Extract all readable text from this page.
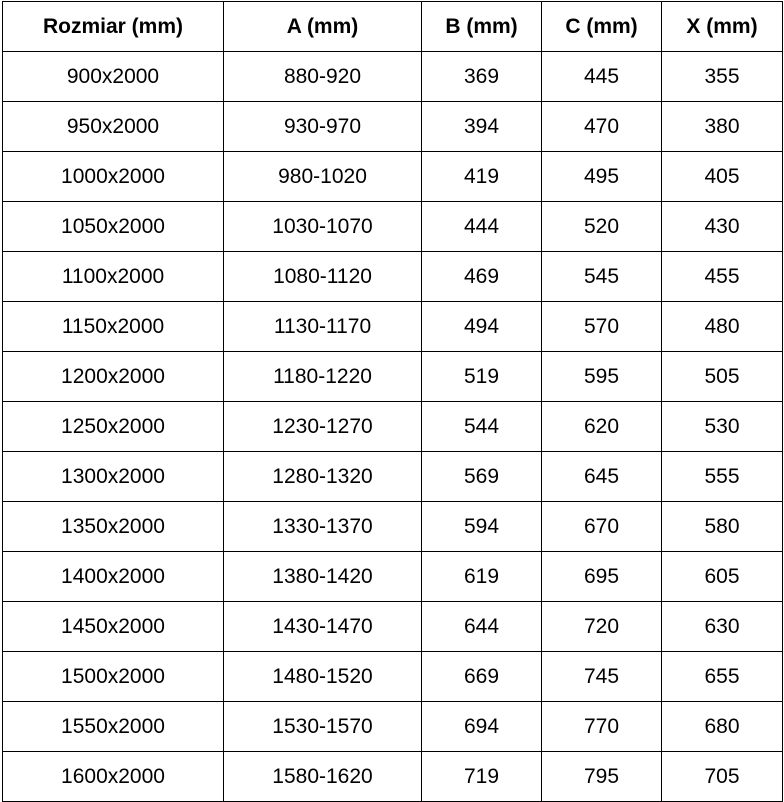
Rozmiar (mm)	A (mm)	B (mm)	C (mm)	X (mm)
900x2000	880-920	369	445	355
950x2000	930-970	394	470	380
1000x2000	980-1020	419	495	405
1050x2000	1030-1070	444	520	430
1100x2000	1080-1120	469	545	455
1150x2000	1130-1170	494	570	480
1200x2000	1180-1220	519	595	505
1250x2000	1230-1270	544	620	530
1300x2000	1280-1320	569	645	555
1350x2000	1330-1370	594	670	580
1400x2000	1380-1420	619	695	605
1450x2000	1430-1470	644	720	630
1500x2000	1480-1520	669	745	655
1550x2000	1530-1570	694	770	680
1600x2000	1580-1620	719	795	705
